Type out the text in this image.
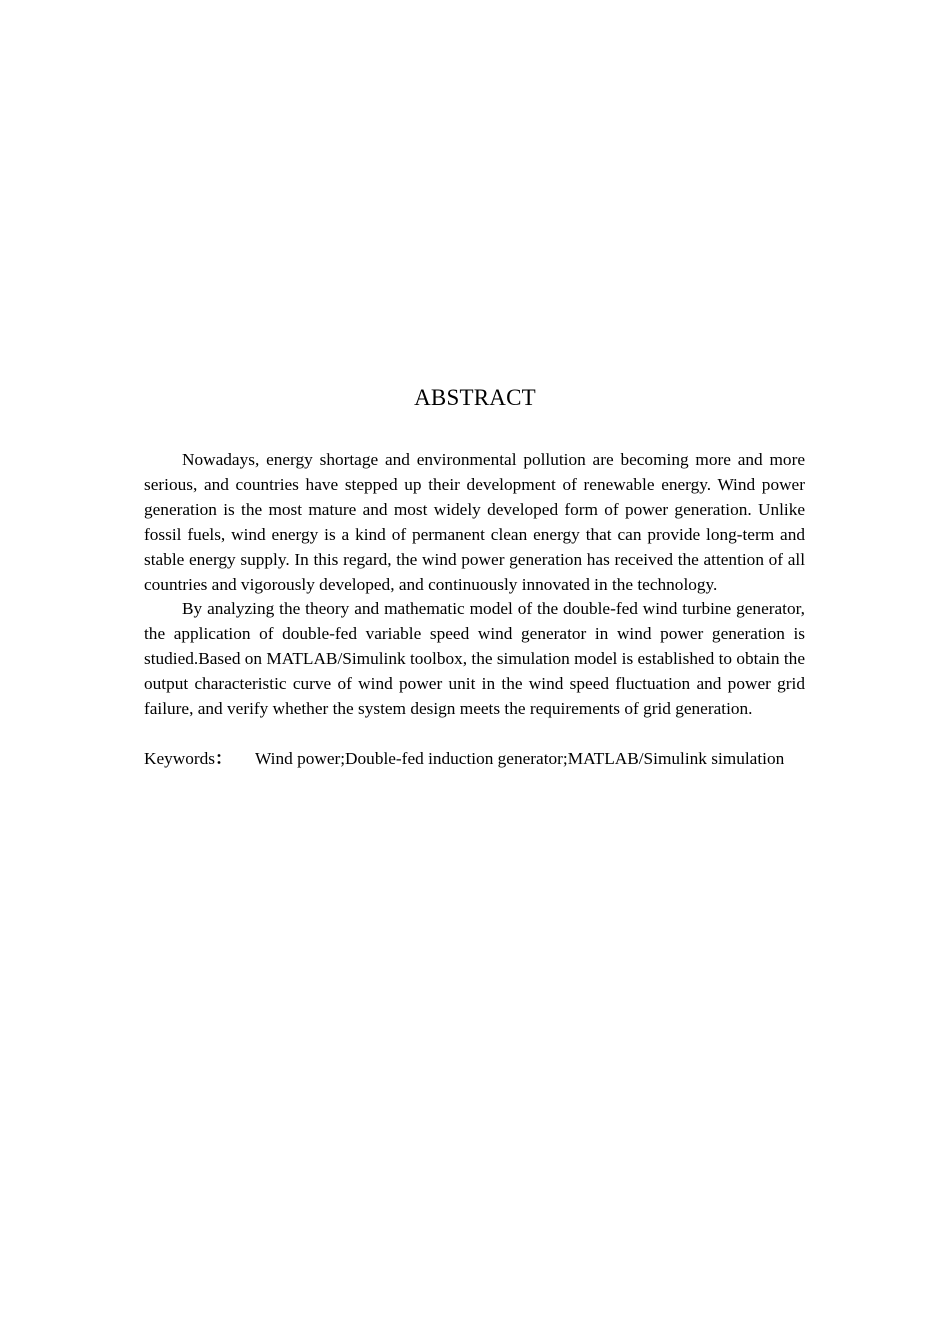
ABSTRACT

Nowadays, energy shortage and environmental pollution are becoming more and more serious, and countries have stepped up their development of renewable energy. Wind power generation is the most mature and most widely developed form of power generation. Unlike fossil fuels, wind energy is a kind of permanent clean energy that can provide long-term and stable energy supply. In this regard, the wind power generation has received the attention of all countries and vigorously developed, and continuously innovated in the technology.

By analyzing the theory and mathematic model of the double-fed wind turbine generator, the application of double-fed variable speed wind generator in wind power generation is studied.Based on MATLAB/Simulink toolbox, the simulation model is established to obtain the output characteristic curve of wind power unit in the wind speed fluctuation and power grid failure, and verify whether the system design meets the requirements of grid generation.

Keywords： Wind power;Double-fed induction generator;MATLAB/Simulink simulation
